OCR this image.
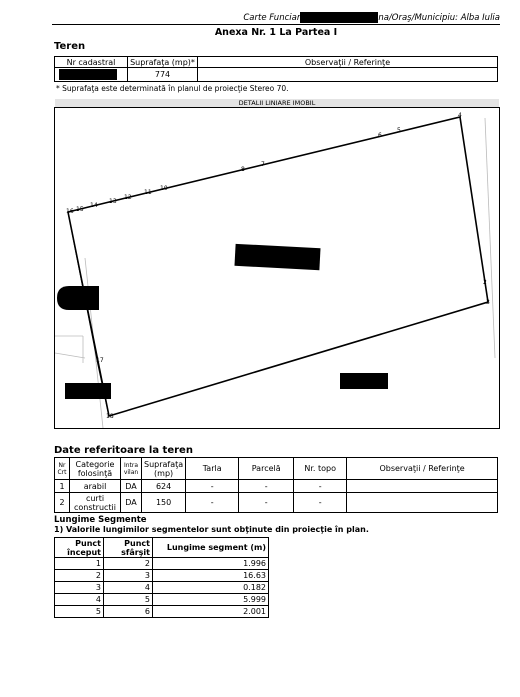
Carte Funciar	na/Oraş/Municipiu: Alba Iulia
Anexa Nr. 1 La Partea I
Teren
Nr cadastral	Suprafaţa (mp)*	Observaţii / Referinţe

	774	
* Suprafaţa este determinată în planul de proiecţie Stereo 70.
DETALII LINIARE IMOBIL
4
5
6
7
8
10
11
12
13
14
15
16
17
18
2
3
Date referitoare la teren
Nr Crt	Categorie folosinţă	Intra vilan	Suprafaţa (mp)	Tarla	Parcelă	Nr. topo	Observaţii / Referinţe
1	arabil	DA	624	-	-	-	
2	curti constructii	DA	150	-	-	-	
Lungime Segmente
1) Valorile lungimilor segmentelor sunt obţinute din proiecţie în plan.
Punct început	Punct sfârşit	Lungime segment (m)
1	2	1.996
2	3	16.63
3	4	0.182
4	5	5.999
5	6	2.001
